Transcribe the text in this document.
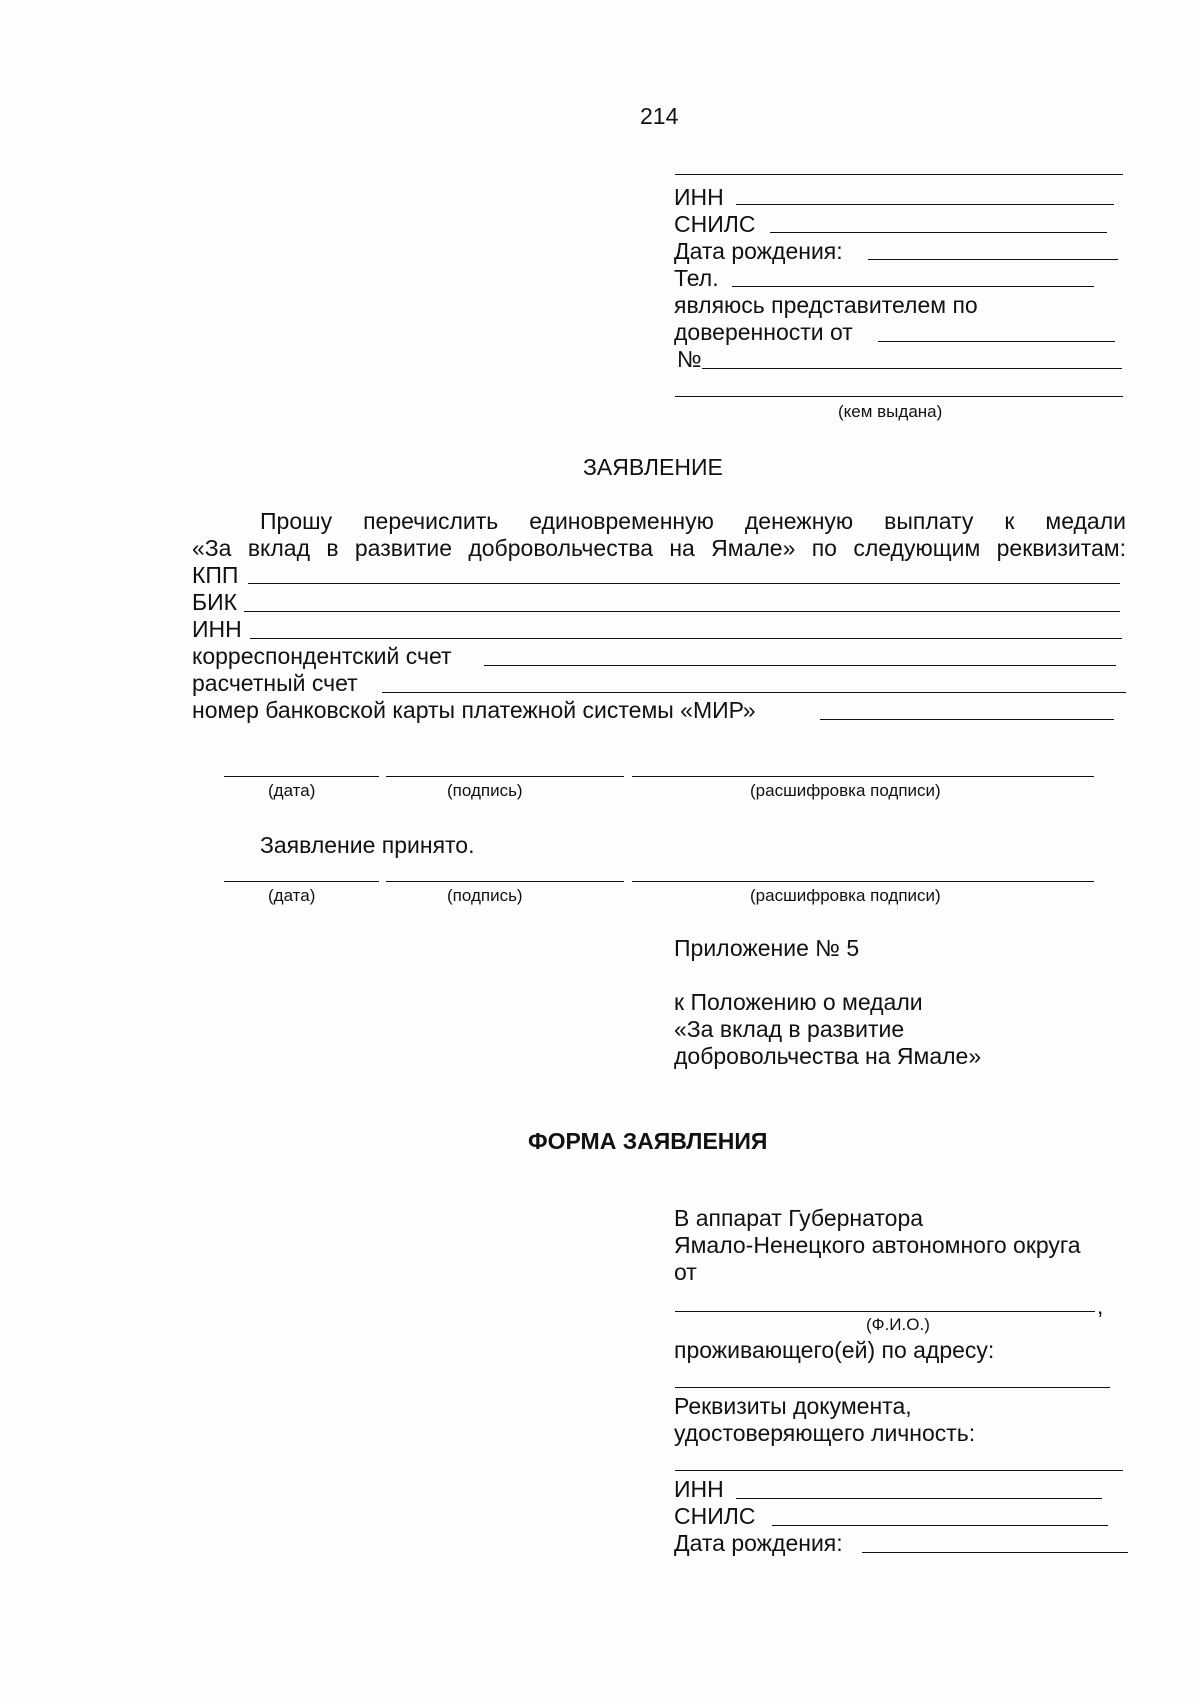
214
ИНН
СНИЛС
Дата рождения:
Тел.
являюсь представителем по
доверенности от
№
(кем выдана)
ЗАЯВЛЕНИЕ
Прошу перечислить единовременную денежную выплату к медали
«За вклад в развитие добровольчества на Ямале» по следующим реквизитам:
КПП
БИК
ИНН
корреспондентский счет
расчетный счет
номер банковской карты платежной системы «МИР»
(дата)	(подпись)	(расшифровка подписи)
Заявление принято.
(дата)	(подпись)	(расшифровка подписи)
Приложение № 5
к Положению о медали
«За вклад в развитие
добровольчества на Ямале»
ФОРМА ЗАЯВЛЕНИЯ
В аппарат Губернатора
Ямало-Ненецкого автономного округа
от
,
(Ф.И.О.)
проживающего(ей) по адресу:
Реквизиты документа,
удостоверяющего личность:
ИНН
СНИЛС
Дата рождения:
